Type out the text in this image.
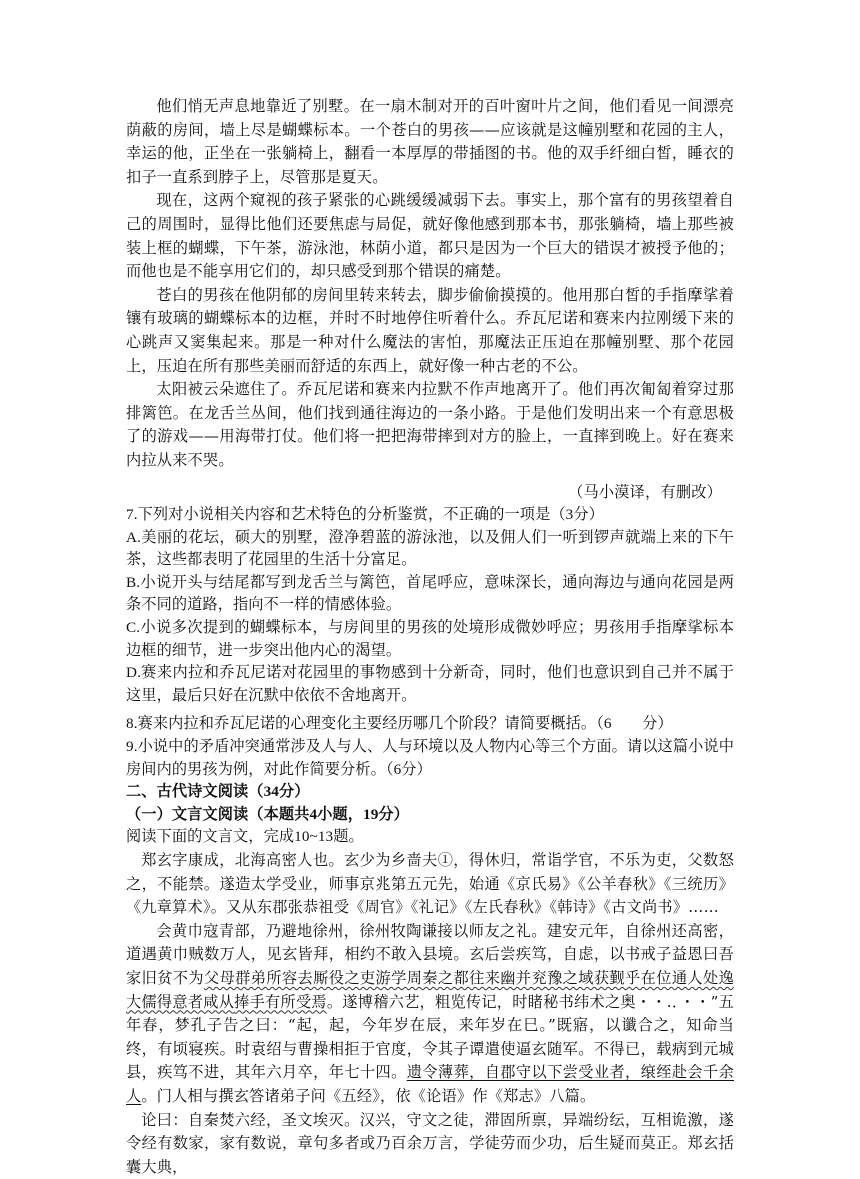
他们悄无声息地靠近了别墅。在一扇木制对开的百叶窗叶片之间，他们看见一间漂亮荫蔽的房间，墙上尽是蝴蝶标本。一个苍白的男孩——应该就是这幢别墅和花园的主人，幸运的他，正坐在一张躺椅上，翻看一本厚厚的带插图的书。他的双手纤细白皙，睡衣的扣子一直系到脖子上，尽管那是夏天。

现在，这两个窥视的孩子紧张的心跳缓缓减弱下去。事实上，那个富有的男孩望着自己的周围时，显得比他们还要焦虑与局促，就好像他感到那本书，那张躺椅，墙上那些被装上框的蝴蝶，下午茶，游泳池，林荫小道，都只是因为一个巨大的错误才被授予他的；而他也是不能享用它们的，却只感受到那个错误的痛楚。

苍白的男孩在他阴郁的房间里转来转去，脚步偷偷摸摸的。他用那白皙的手指摩挲着镶有玻璃的蝴蝶标本的边框，并时不时地停住听着什么。乔瓦尼诺和赛来内拉刚缓下来的心跳声又窦集起来。那是一种对什么魔法的害怕，那魔法正压迫在那幢别墅、那个花园上，压迫在所有那些美丽而舒适的东西上，就好像一种古老的不公。

太阳被云朵遮住了。乔瓦尼诺和赛来内拉默不作声地离开了。他们再次匍匐着穿过那排篱笆。在龙舌兰丛间，他们找到通往海边的一条小路。于是他们发明出来一个有意思极了的游戏——用海带打仗。他们将一把把海带摔到对方的脸上，一直摔到晚上。好在赛来内拉从来不哭。

（马小漠译，有删改）

7.下列对小说相关内容和艺术特色的分析鉴赏，不正确的一项是（3分）

A.美丽的花坛，硕大的别墅，澄净碧蓝的游泳池，以及佣人们一听到锣声就端上来的下午茶，这些都表明了花园里的生活十分富足。

B.小说开头与结尾都写到龙舌兰与篱笆，首尾呼应，意味深长，通向海边与通向花园是两条不同的道路，指向不一样的情感体验。

C.小说多次提到的蝴蝶标本，与房间里的男孩的处境形成微妙呼应；男孩用手指摩挲标本边框的细节，进一步突出他内心的渴望。

D.赛来内拉和乔瓦尼诺对花园里的事物感到十分新奇，同时，他们也意识到自己并不属于这里，最后只好在沉默中依依不舍地离开。

8.赛来内拉和乔瓦尼诺的心理变化主要经历哪几个阶段？请简要概括。（6　　分）

9.小说中的矛盾冲突通常涉及人与人、人与环境以及人物内心等三个方面。请以这篇小说中房间内的男孩为例，对此作简要分析。（6分）

二、古代诗文阅读（34分）

（一）文言文阅读（本题共4小题，19分）

阅读下面的文言文，完成10~13题。

郑玄字康成，北海高密人也。玄少为乡啬夫①，得休归，常诣学官，不乐为吏，父数怒之，不能禁。遂造太学受业，师事京兆第五元先，始通《京氏易》《公羊春秋》《三统历》《九章算术》。又从东郡张恭祖受《周官》《礼记》《左氏春秋》《韩诗》《古文尚书》……

会黄巾寇青部，乃避地徐州，徐州牧陶谦接以师友之礼。建安元年，自徐州还高密，道遇黄巾贼数万人，见玄皆拜，相约不敢入县境。玄后尝疾笃，自虑，以书戒子益恩曰吾家旧贫不为父母群弟所容去厮役之吏游学周秦之都往来幽并兖豫之域获觐乎在位通人处逸大儒得意者咸从捧手有所受焉。遂博稽六艺，粗览传记，时睹秘书纬术之奥・・.．・・”五年春，梦孔子告之曰：“起，起，今年岁在辰，来年岁在巳。”既寤，以谶合之，知命当终，有顷寝疾。时袁绍与曹操相拒于官度，令其子谭遣使逼玄随军。不得已，载病到元城县，疾笃不进，其年六月卒，年七十四。遗令薄葬，自郡守以下尝受业者，缞绖赴会千余人。门人相与撰玄答诸弟子问《五经》，依《论语》作《郑志》八篇。

论曰：自秦焚六经，圣文埃灭。汉兴，守文之徒，滞固所禀，异端纷纭，互相诡激，遂令经有数家，家有数说，章句多者或乃百余万言，学徒劳而少功，后生疑而莫正。郑玄括囊大典，
